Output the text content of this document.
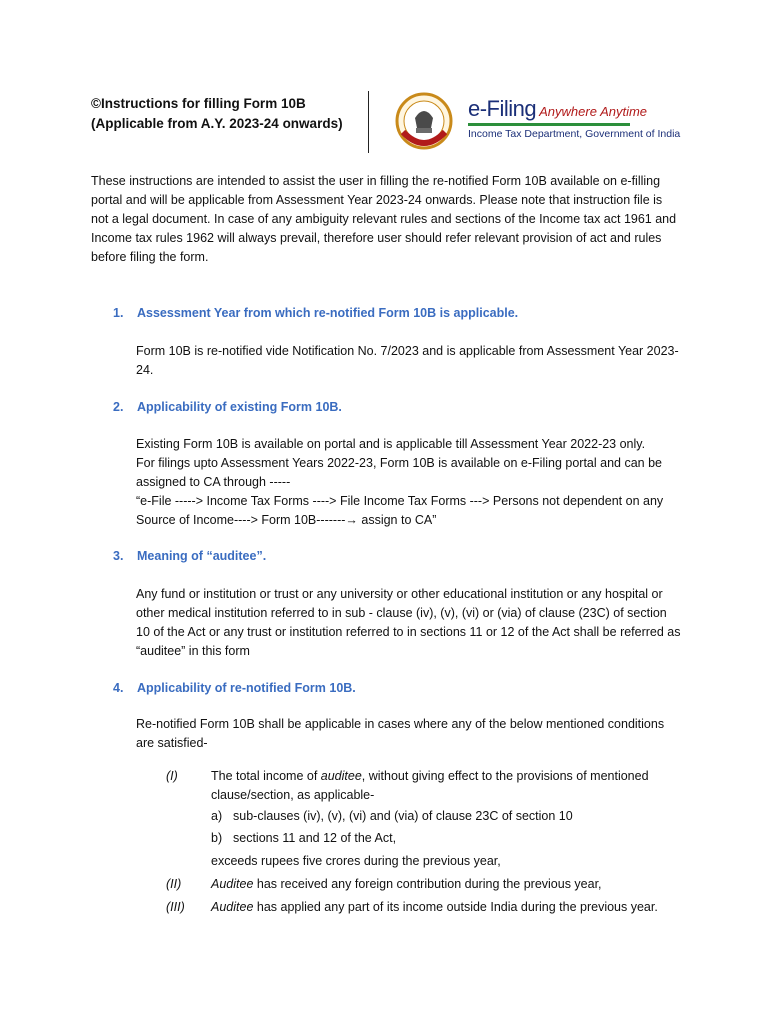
©Instructions for filling Form 10B
(Applicable from A.Y. 2023-24 onwards)
e-Filing Anywhere Anytime
Income Tax Department, Government of India
These instructions are intended to assist the user in filling the re-notified Form 10B available on e-filling portal and will be applicable from Assessment Year 2023-24 onwards. Please note that instruction file is not a legal document. In case of any ambiguity relevant rules and sections of the Income tax act 1961 and Income tax rules 1962 will always prevail, therefore user should refer relevant provision of act and rules before filing the form.
1. Assessment Year from which re-notified Form 10B is applicable.
Form 10B is re-notified vide Notification No. 7/2023 and is applicable from Assessment Year 2023-24.
2. Applicability of existing Form 10B.

Existing Form 10B is available on portal and is applicable till Assessment Year 2022-23 only.

For filings upto Assessment Years 2022-23, Form 10B is available on e-Filing portal and can be assigned to CA through -----

“e-File -----> Income Tax Forms ----> File Income Tax Forms ---> Persons not dependent on any Source of Income----> Form 10B-------→ assign to CA”

3. Meaning of “auditee”.
Any fund or institution or trust or any university or other educational institution or any hospital or other medical institution referred to in sub - clause (iv), (v), (vi) or (via) of clause (23C) of section 10 of the Act or any trust or institution referred to in sections 11 or 12 of the Act shall be referred as “auditee” in this form
4. Applicability of re-notified Form 10B.
Re-notified Form 10B shall be applicable in cases where any of the below mentioned conditions are satisfied-
(I)	The total income of auditee, without giving effect to the provisions of mentioned clause/section, as applicable-
a) sub-clauses (iv), (v), (vi) and (via) of clause 23C of section 10
b) sections 11 and 12 of the Act,
exceeds rupees five crores during the previous year,
(II) Auditee has received any foreign contribution during the previous year,
(III) Auditee has applied any part of its income outside India during the previous year.
